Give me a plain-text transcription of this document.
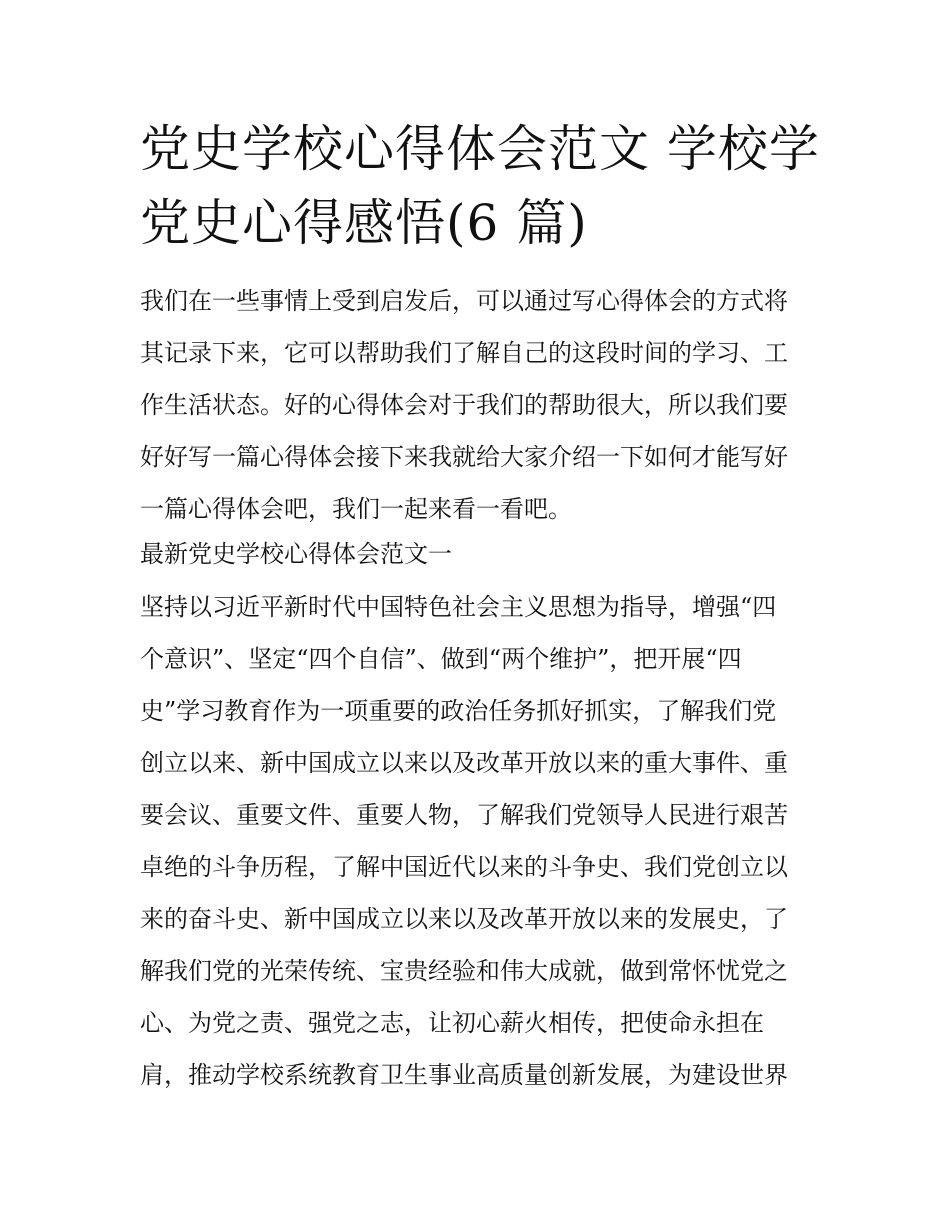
党史学校心得体会范文 学校学
党史心得感悟(6 篇)

我们在一些事情上受到启发后，可以通过写心得体会的方式将

其记录下来，它可以帮助我们了解自己的这段时间的学习、工

作生活状态。好的心得体会对于我们的帮助很大，所以我们要

好好写一篇心得体会接下来我就给大家介绍一下如何才能写好

一篇心得体会吧，我们一起来看一看吧。

最新党史学校心得体会范文一

坚持以习近平新时代中国特色社会主义思想为指导，增强“四

个意识”、坚定“四个自信”、做到“两个维护”，把开展“四

史”学习教育作为一项重要的政治任务抓好抓实，了解我们党

创立以来、新中国成立以来以及改革开放以来的重大事件、重

要会议、重要文件、重要人物，了解我们党领导人民进行艰苦

卓绝的斗争历程，了解中国近代以来的斗争史、我们党创立以

来的奋斗史、新中国成立以来以及改革开放以来的发展史，了

解我们党的光荣传统、宝贵经验和伟大成就，做到常怀忧党之

心、为党之责、强党之志，让初心薪火相传，把使命永担在

肩，推动学校系统教育卫生事业高质量创新发展，为建设世界
